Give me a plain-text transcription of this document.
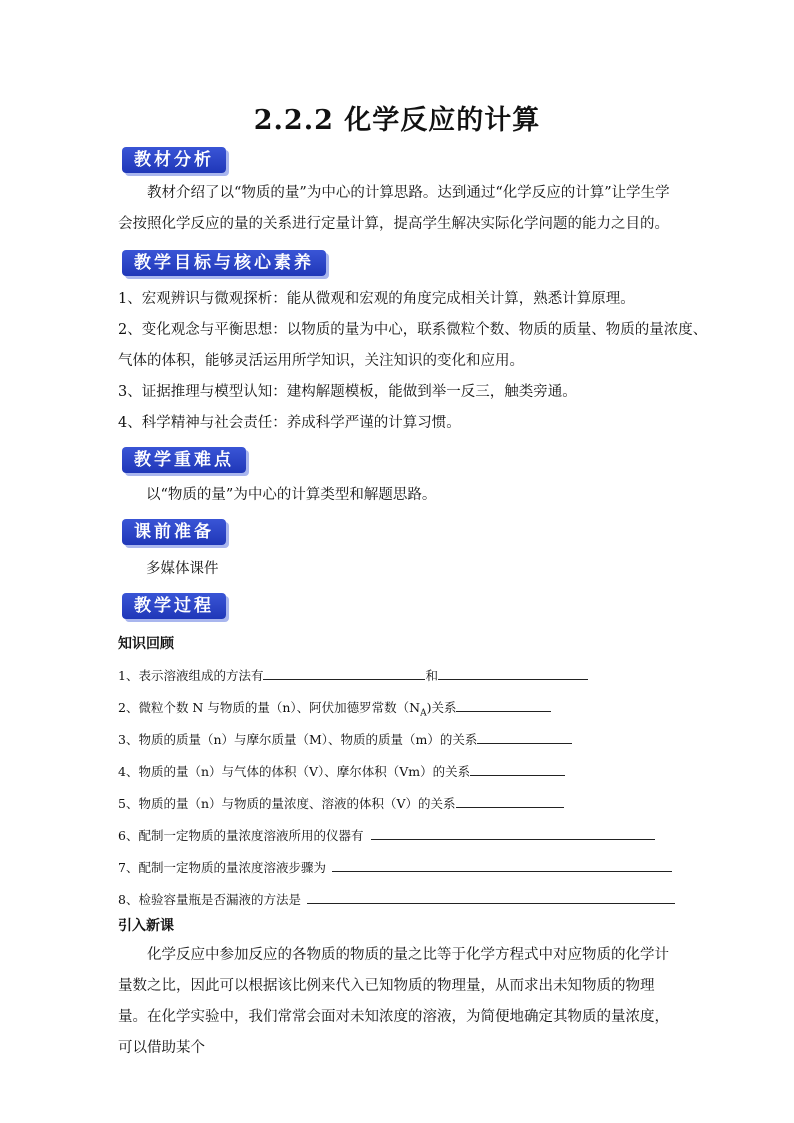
2.2.2 化学反应的计算
教材分析
教材介绍了以“物质的量”为中心的计算思路。达到通过“化学反应的计算”让学生学会按照化学反应的量的关系进行定量计算，提高学生解决实际化学问题的能力之目的。
教学目标与核心素养
1、宏观辨识与微观探析：能从微观和宏观的角度完成相关计算，熟悉计算原理。
2、变化观念与平衡思想：以物质的量为中心，联系微粒个数、物质的质量、物质的量浓度、
气体的体积，能够灵活运用所学知识，关注知识的变化和应用。
3、证据推理与模型认知：建构解题模板，能做到举一反三，触类旁通。
4、科学精神与社会责任：养成科学严谨的计算习惯。
教学重难点
以“物质的量”为中心的计算类型和解题思路。
课前准备
多媒体课件
教学过程
知识回顾
1、表示溶液组成的方法有	和
2、微粒个数 N 与物质的量（n）、阿伏加德罗常数$(N_A)$关系
3、物质的质量（n）与摩尔质量（M）、物质的质量（m）的关系
4、物质的量（n）与气体的体积（V）、摩尔体积（Vm）的关系
5、物质的量（n）与物质的量浓度、溶液的体积（V）的关系
6、配制一定物质的量浓度溶液所用的仪器有
7、配制一定物质的量浓度溶液步骤为
8、检验容量瓶是否漏液的方法是
引入新课
化学反应中参加反应的各物质的物质的量之比等于化学方程式中对应物质的化学计量数之比，因此可以根据该比例来代入已知物质的物理量，从而求出未知物质的物理量。在化学实验中，我们常常会面对未知浓度的溶液，为简便地确定其物质的量浓度，可以借助某个
